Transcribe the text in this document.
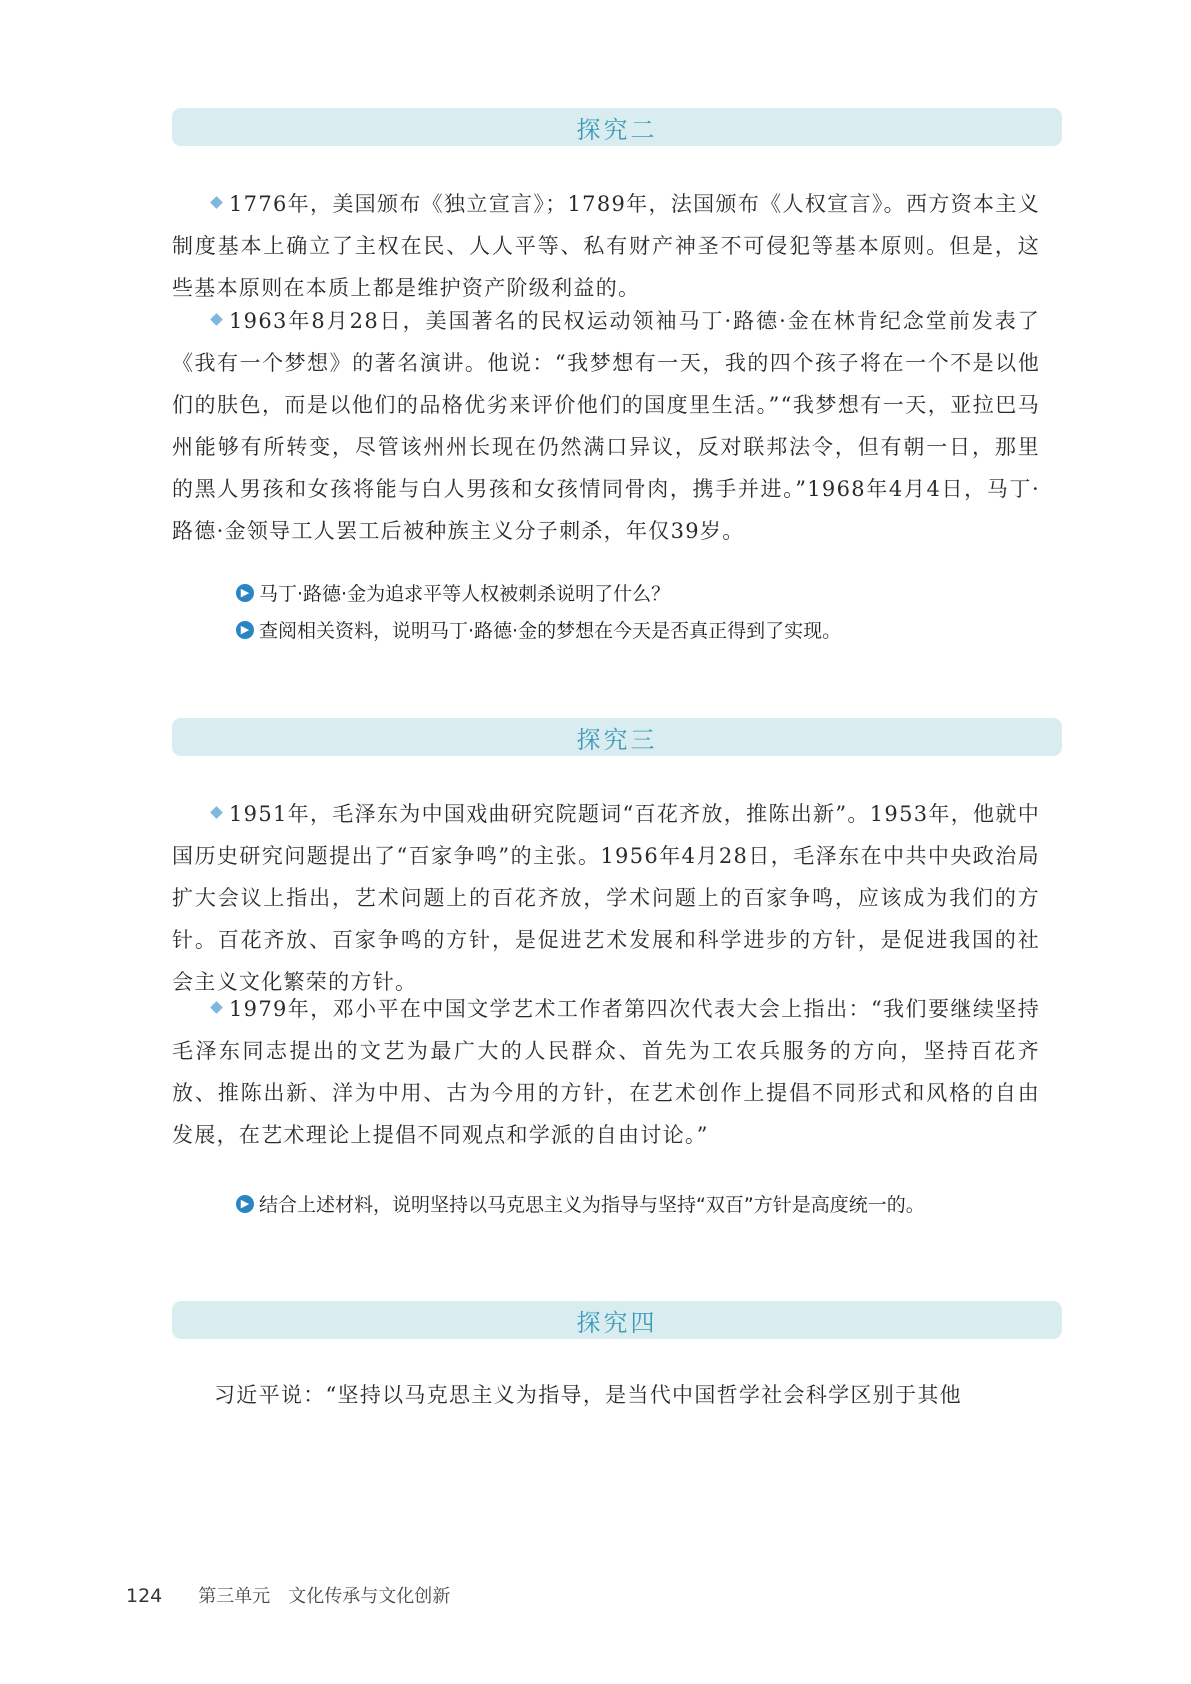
探究二

1776年，美国颁布《独立宣言》；1789年，法国颁布《人权宣言》。西方资本主义制度基本上确立了主权在民、人人平等、私有财产神圣不可侵犯等基本原则。但是，这些基本原则在本质上都是维护资产阶级利益的。

1963年8月28日，美国著名的民权运动领袖马丁·路德·金在林肯纪念堂前发表了《我有一个梦想》的著名演讲。他说：“我梦想有一天，我的四个孩子将在一个不是以他们的肤色，而是以他们的品格优劣来评价他们的国度里生活。”“我梦想有一天，亚拉巴马州能够有所转变，尽管该州州长现在仍然满口异议，反对联邦法令，但有朝一日，那里的黑人男孩和女孩将能与白人男孩和女孩情同骨肉，携手并进。”1968年4月4日，马丁·路德·金领导工人罢工后被种族主义分子刺杀，年仅39岁。

▶ 马丁·路德·金为追求平等人权被刺杀说明了什么？
▶ 查阅相关资料，说明马丁·路德·金的梦想在今天是否真正得到了实现。
探究三

1951年，毛泽东为中国戏曲研究院题词“百花齐放，推陈出新”。1953年，他就中国历史研究问题提出了“百家争鸣”的主张。1956年4月28日，毛泽东在中共中央政治局扩大会议上指出，艺术问题上的百花齐放，学术问题上的百家争鸣，应该成为我们的方针。百花齐放、百家争鸣的方针，是促进艺术发展和科学进步的方针，是促进我国的社会主义文化繁荣的方针。

1979年，邓小平在中国文学艺术工作者第四次代表大会上指出：“我们要继续坚持毛泽东同志提出的文艺为最广大的人民群众、首先为工农兵服务的方向，坚持百花齐放、推陈出新、洋为中用、古为今用的方针，在艺术创作上提倡不同形式和风格的自由发展，在艺术理论上提倡不同观点和学派的自由讨论。”

▶ 结合上述材料，说明坚持以马克思主义为指导与坚持“双百”方针是高度统一的。
探究四

习近平说：“坚持以马克思主义为指导，是当代中国哲学社会科学区别于其他

124 第三单元 文化传承与文化创新
